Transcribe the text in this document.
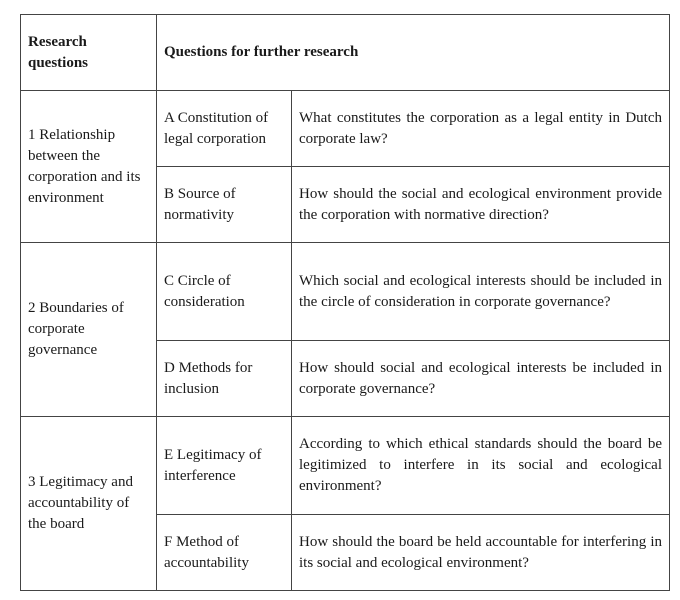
Research questions	Questions for further research	

1 Relationship between the corporation and its environment	A Constitution of legal corporation	What constitutes the corporation as a legal entity in Dutch corporate law?

	B Source of normativity	How should the social and ecological environment provide the corporation with normative direction?

2 Boundaries of corporate governance	C Circle of consideration	Which social and ecological interests should be included in the circle of consideration in corporate governance?

	D Methods for inclusion	How should social and ecological interests be included in corporate governance?

3 Legitimacy and accountability of the board	E Legitimacy of interference	According to which ethical standards should the board be legitimized to interfere in its social and ecological environment?

	F Method of accountability	How should the board be held accountable for interfering in its social and ecological environment?
